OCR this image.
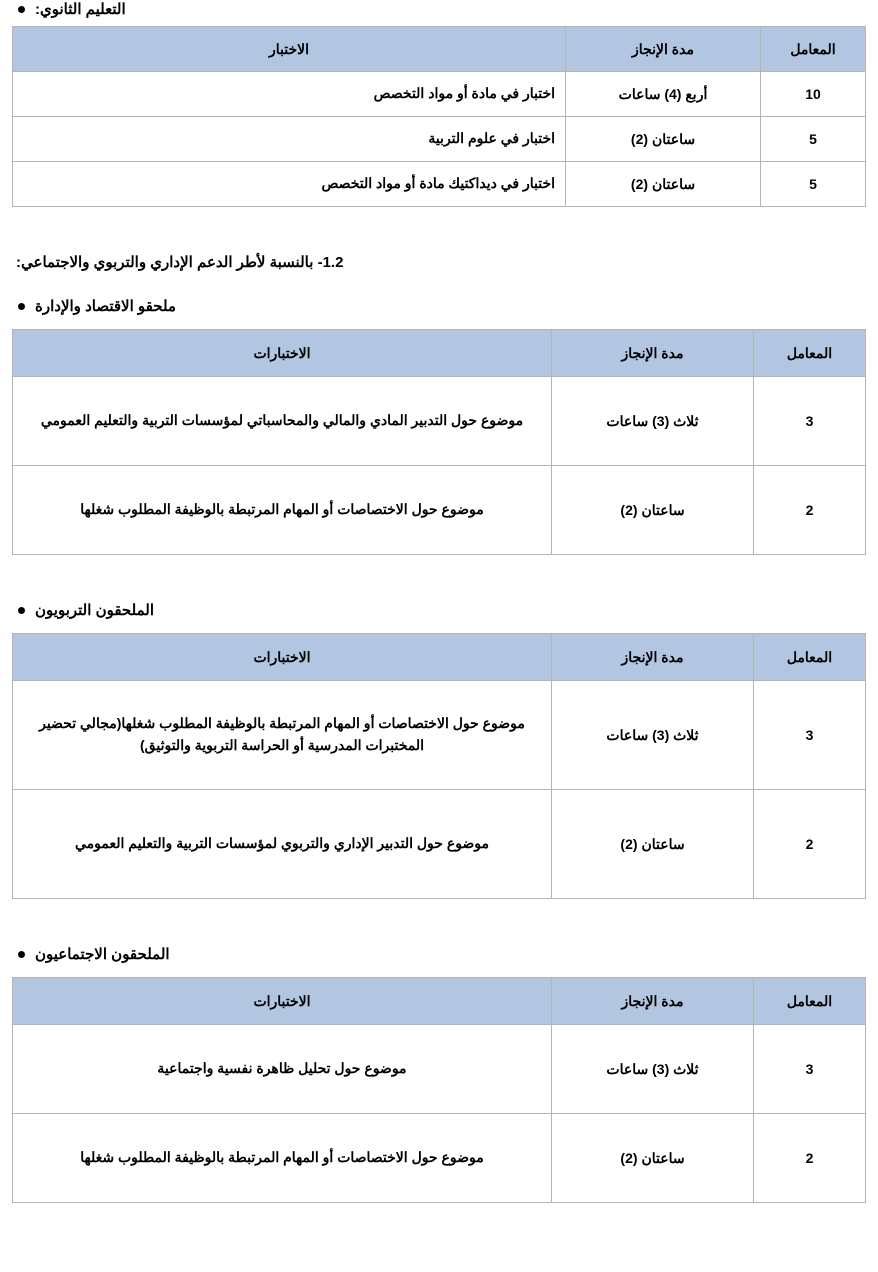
التعليم الثانوي:
المعامل	مدة الإنجاز	الاختبار
10	أربع (4) ساعات	اختبار في مادة أو مواد التخصص
5	ساعتان (2)	اختبار في علوم التربية
5	ساعتان (2)	اختبار في ديداكتيك مادة أو مواد التخصص
1.2- بالنسبة لأطر الدعم الإداري والتربوي والاجتماعي:
ملحقو الاقتصاد والإدارة
المعامل	مدة الإنجاز	الاختبارات
3	ثلاث (3) ساعات	موضوع حول التدبير المادي والمالي والمحاسباتي لمؤسسات التربية والتعليم العمومي
2	ساعتان (2)	موضوع حول الاختصاصات أو المهام المرتبطة بالوظيفة المطلوب شغلها
الملحقون التربويون
المعامل	مدة الإنجاز	الاختبارات
3	ثلاث (3) ساعات	موضوع حول الاختصاصات أو المهام المرتبطة بالوظيفة المطلوب شغلها(مجالي تحضير المختبرات المدرسية أو الحراسة التربوية والتوثيق)
2	ساعتان (2)	موضوع حول التدبير الإداري والتربوي لمؤسسات التربية والتعليم العمومي
الملحقون الاجتماعيون
المعامل	مدة الإنجاز	الاختبارات
3	ثلاث (3) ساعات	موضوع حول تحليل ظاهرة نفسية واجتماعية
2	ساعتان (2)	موضوع حول الاختصاصات أو المهام المرتبطة بالوظيفة المطلوب شغلها
